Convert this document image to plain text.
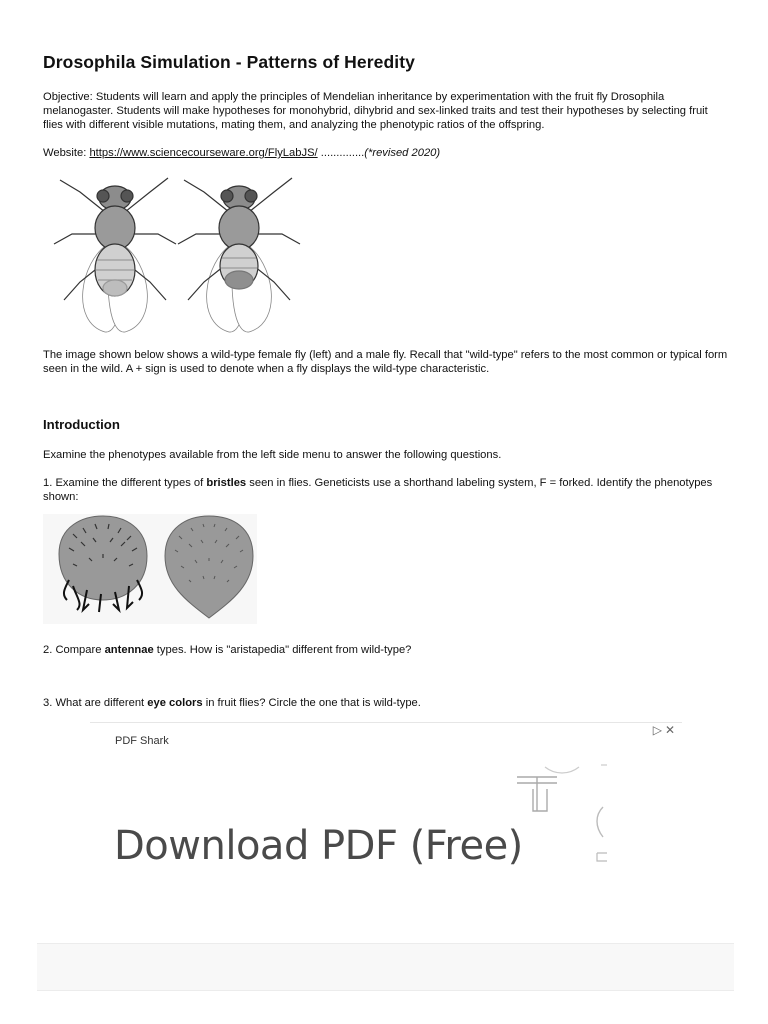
Drosophila Simulation - Patterns of Heredity

Objective: Students will learn and apply the principles of Mendelian inheritance by experimentation with the fruit fly Drosophila melanogaster. Students will make hypotheses for monohybrid, dihybrid and sex-linked traits and test their hypotheses by selecting fruit flies with different visible mutations, mating them, and analyzing the phenotypic ratios of the offspring.

Website: https://www.sciencecourseware.org/FlyLabJS/ ..............(*revised 2020)

The image shown below shows a wild-type female fly (left) and a male fly. Recall that "wild-type" refers to the most common or typical form seen in the wild. A + sign is used to denote when a fly displays the wild-type characteristic.

Introduction

Examine the phenotypes available from the left side menu to answer the following questions.

1. Examine the different types of bristles seen in flies. Geneticists use a shorthand labeling system, F = forked. Identify the phenotypes shown:

2. Compare antennae types. How is "aristapedia" different from wild-type?

3. What are different eye colors in fruit flies? Circle the one that is wild-type.

PDF Shark
▷✕
Download PDF (Free)
